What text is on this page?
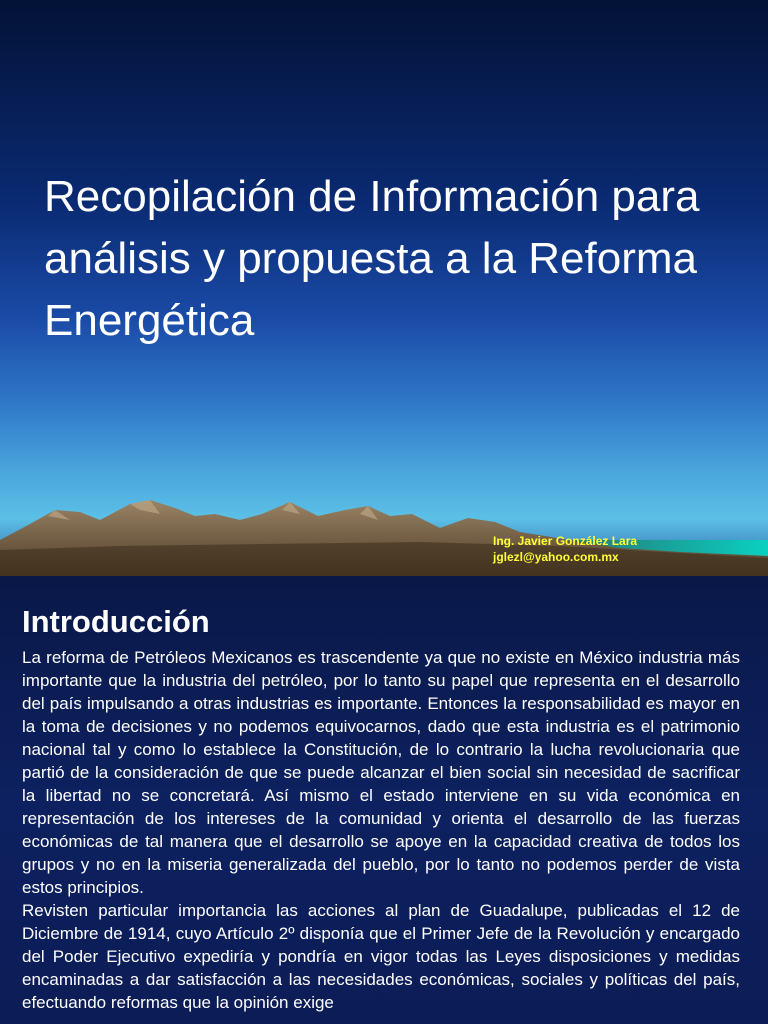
Recopilación de Información para análisis y propuesta a la Reforma Energética
Ing. Javier González Lara
jglezl@yahoo.com.mx
Introducción

La reforma de Petróleos Mexicanos es trascendente ya que no existe en México industria más importante que la industria del petróleo, por lo tanto su papel que representa en el desarrollo del país impulsando a otras industrias es importante. Entonces la responsabilidad es mayor en la toma de decisiones y no podemos equivocarnos, dado que esta industria es el patrimonio nacional tal y como lo establece la Constitución, de lo contrario la lucha revolucionaria que partió de la consideración de que se puede alcanzar el bien social sin necesidad de sacrificar la libertad no se concretará. Así mismo el estado interviene en su vida económica en representación de los intereses de la comunidad y orienta el desarrollo de las fuerzas económicas de tal manera que el desarrollo se apoye en la capacidad creativa de todos los grupos y no en la miseria generalizada del pueblo, por lo tanto no podemos perder de vista estos principios.

Revisten particular importancia las acciones al plan de Guadalupe, publicadas el 12 de Diciembre de 1914, cuyo Artículo 2º disponía que el Primer Jefe de la Revolución y encargado del Poder Ejecutivo expediría y pondría en vigor todas las Leyes disposiciones y medidas encaminadas a dar satisfacción a las necesidades económicas, sociales y políticas del país, efectuando reformas que la opinión exige
